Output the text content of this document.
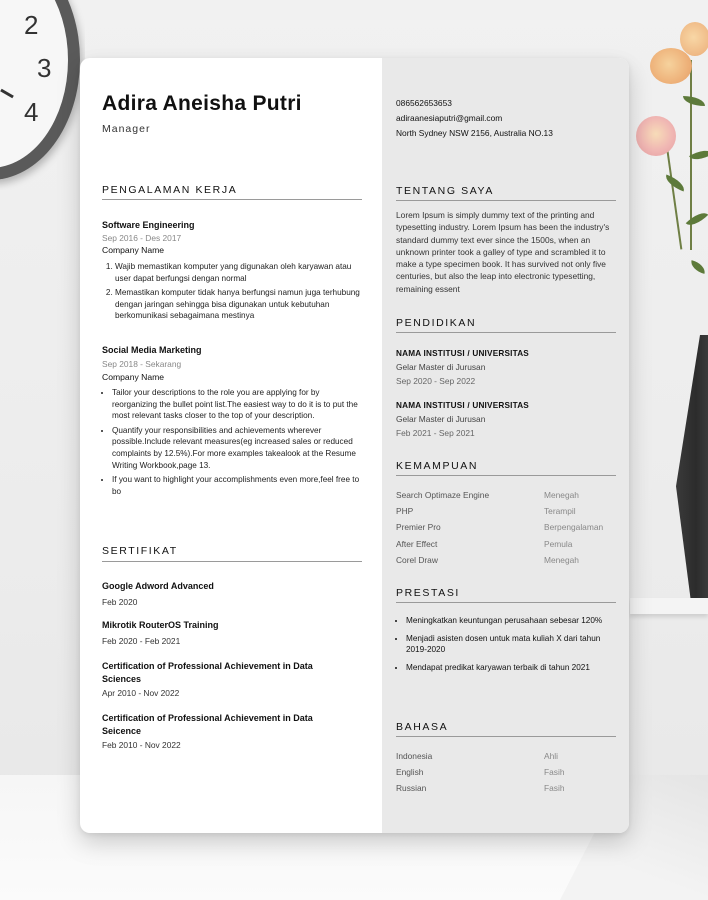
2
3
4	086562653653
adiraanesiaputri@gmail.com
North Sydney NSW 2156, Australia NO.13
TENTANG SAYA
Lorem Ipsum is simply dummy text of the printing and typesetting industry. Lorem Ipsum has been the industry's standard dummy text ever since the 1500s, when an unknown printer took a galley of type and scrambled it to make a type specimen book. It has survived not only five centuries, but also the leap into electronic typesetting, remaining essent
PENDIDIKAN
NAMA INSTITUSI / UNIVERSITAS
Gelar Master di Jurusan
Sep 2020 - Sep 2022
NAMA INSTITUSI / UNIVERSITAS
Gelar Master di Jurusan
Feb 2021 - Sep 2021
KEMAMPUAN
Search Optimaze Engine	Menegah
PHP	Terampil
Premier Pro	Berpengalaman
After Effect	Pemula
Corel Draw	Menegah
PRESTASI
• Meningkatkan keuntungan perusahaan sebesar 120%
• Menjadi asisten dosen untuk mata kuliah X dari tahun 2019-2020
• Mendapat predikat karyawan terbaik di tahun 2021
BAHASA
Indonesia	Ahli
English	Fasih
Russian	Fasih
Adira Aneisha Putri
Manager
PENGALAMAN KERJA
Software Engineering
Sep 2016 - Des 2017
Company Name
1. Wajib memastikan komputer yang digunakan oleh karyawan atau user dapat berfungsi dengan normal
2. Memastikan komputer tidak hanya berfungsi namun juga terhubung dengan jaringan sehingga bisa digunakan untuk kebutuhan berkomunikasi sebagaimana mestinya
Social Media Marketing
Sep 2018 - Sekarang
Company Name
• Tailor your descriptions to the role you are applying for by reorganizing the bullet point list.The easiest way to do it is to put the most relevant tasks closer to the top of your description.
• Quantify your responsibilities and achievements wherever possible.Include relevant measures(eg increased sales or reduced complaints by 12.5%).For more examples takealook at the Resume Writing Workbook,page 13.
• If you want to highlight your accomplishments even more,feel free to bo
SERTIFIKAT
Google Adword Advanced
Feb 2020
Mikrotik RouterOS Training
Feb 2020 - Feb 2021
Certification of Professional Achievement in Data Sciences
Apr 2010 - Nov 2022
Certification of Professional Achievement in Data Seicence
Feb 2010 - Nov 2022
